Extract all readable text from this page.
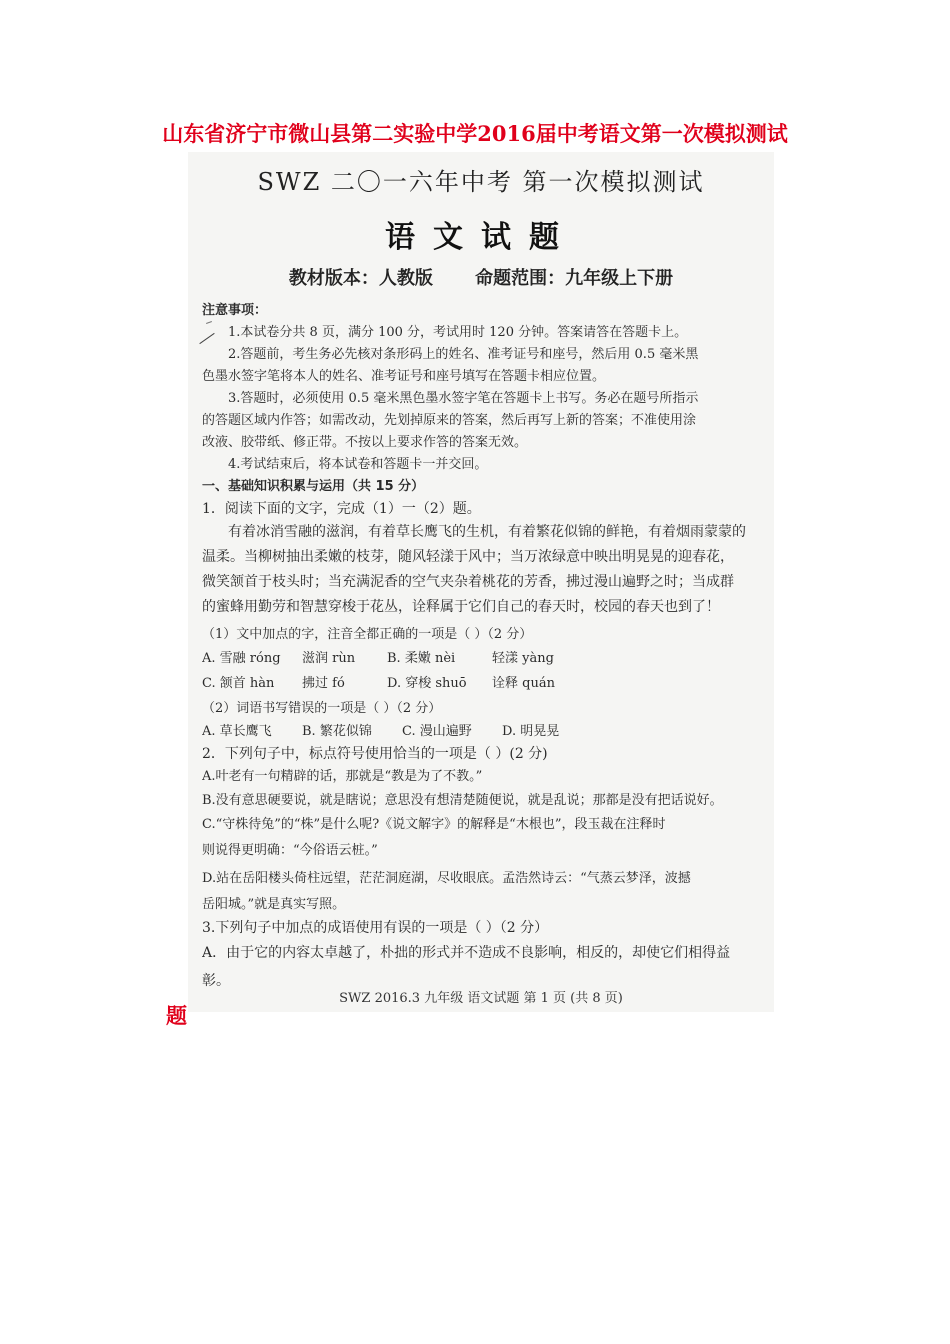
山东省济宁市微山县第二实验中学2016届中考语文第一次模拟测试
SWZ 二〇一六年中考 第一次模拟测试
语文试题
教材版本：人教版 命题范围：九年级上下册
注意事项：
1.本试卷分共 8 页，满分 100 分，考试用时 120 分钟。答案请答在答题卡上。
2.答题前，考生务必先核对条形码上的姓名、准考证号和座号，然后用 0.5 毫米黑
色墨水签字笔将本人的姓名、准考证号和座号填写在答题卡相应位置。
3.答题时，必须使用 0.5 毫米黑色墨水签字笔在答题卡上书写。务必在题号所指示
的答题区域内作答；如需改动，先划掉原来的答案，然后再写上新的答案；不准使用涂
改液、胶带纸、修正带。不按以上要求作答的答案无效。
4.考试结束后，将本试卷和答题卡一并交回。
一、基础知识积累与运用（共 15 分）
1．阅读下面的文字，完成（1）一（2）题。
有着冰消雪融的滋润，有着草长鹰飞的生机，有着繁花似锦的鲜艳，有着烟雨蒙蒙的
温柔。当柳树抽出柔嫩的枝芽，随风轻漾于风中；当万浓绿意中映出明晃晃的迎春花，
微笑颔首于枝头时；当充满泥香的空气夹杂着桃花的芳香，拂过漫山遍野之时；当成群
的蜜蜂用勤劳和智慧穿梭于花丛，诠释属于它们自己的春天时，校园的春天也到了！
（1）文中加点的字，注音全都正确的一项是（ ）（2 分）
A. 雪融 róng	滋润 rùn	B. 柔嫩 nèi	轻漾 yàng
C. 颔首 hàn	拂过 fó	D. 穿梭 shuō	诠释 quán
（2）词语书写错误的一项是（ ）（2 分）
A. 草长鹰飞	B. 繁花似锦	C. 漫山遍野	D. 明晃晃
2．下列句子中，标点符号使用恰当的一项是（ ）(2 分)
A.叶老有一句精辟的话，那就是“教是为了不教。”
B.没有意思硬要说，就是瞎说；意思没有想清楚随便说，就是乱说；那都是没有把话说好。
C.“守株待兔”的“株”是什么呢?《说文解字》的解释是“木根也”，段玉裁在注释时
则说得更明确：“今俗语云桩。”
D.站在岳阳楼头倚柱远望，茫茫洞庭湖，尽收眼底。孟浩然诗云：“气蒸云梦泽，波撼
岳阳城。”就是真实写照。
3.下列句子中加点的成语使用有误的一项是（ ）（2 分）
A．由于它的内容太卓越了，朴拙的形式并不造成不良影响，相反的，却使它们相得益
彰。
SWZ 2016.3 九年级 语文试题 第 1 页 (共 8 页)
题
